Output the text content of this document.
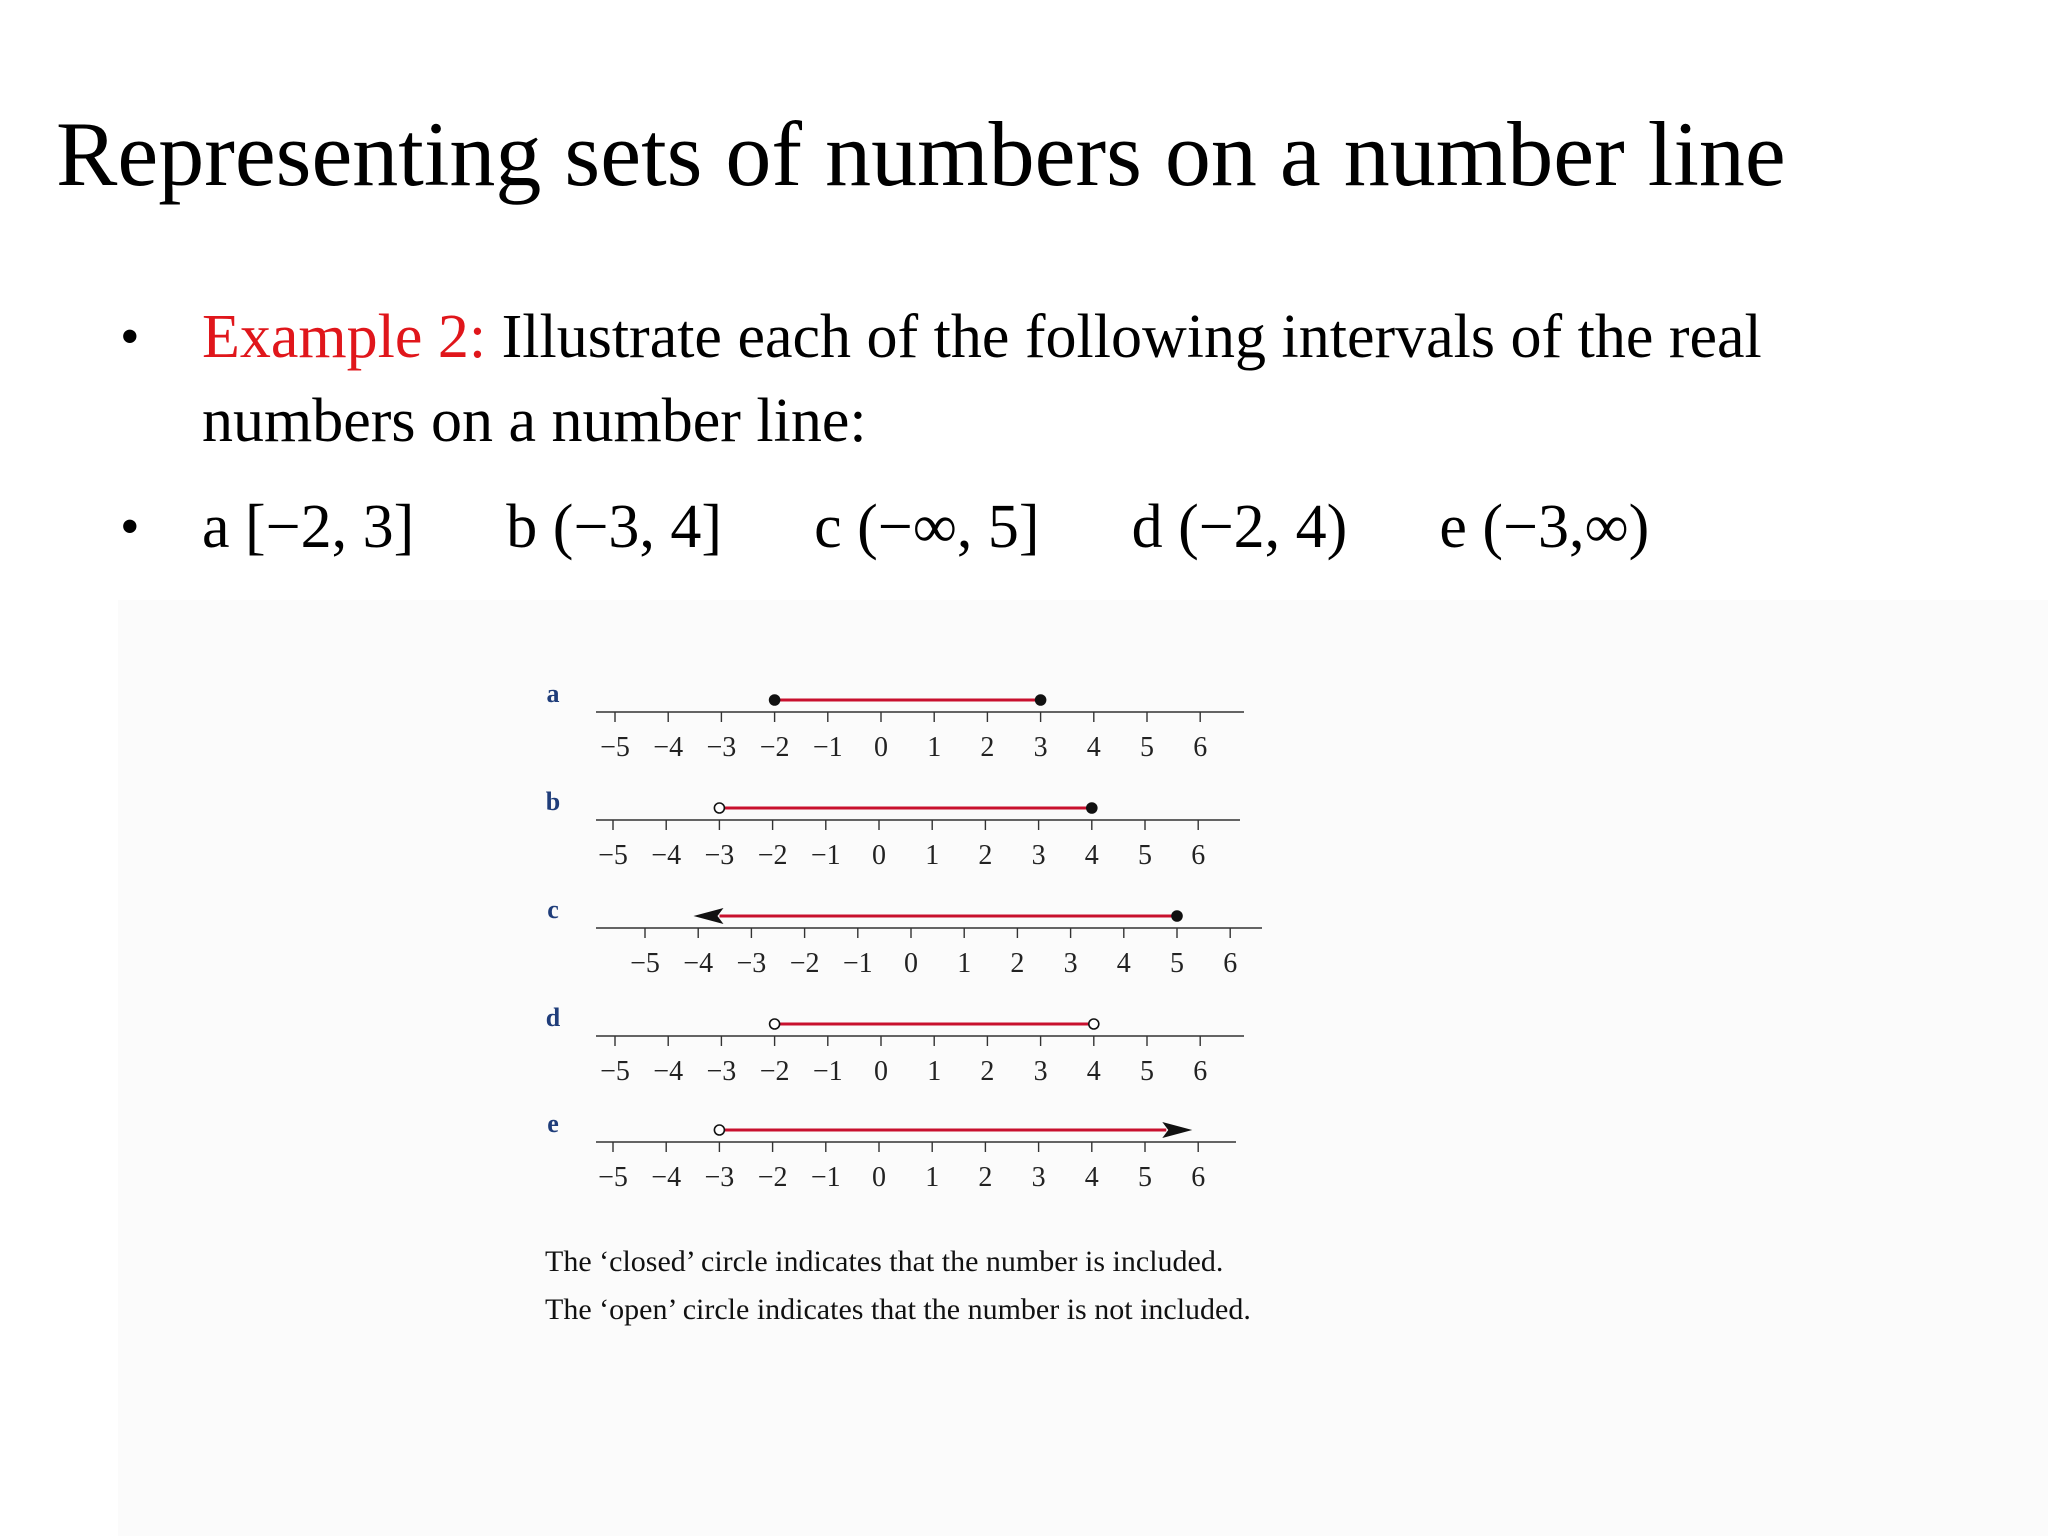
Representing sets of numbers on a number line
•	Example 2: Illustrate each of the following intervals of the real
numbers on a number line:
•	a [−2, 3] b (−3, 4] c (−∞, 5] d (−2, 4) e (−3,∞)
a
−5 −4 −3 −2 −1 0 1 2 3 4 5 6
b
−5 −4 −3 −2 −1 0 1 2 3 4 5 6
c
−5 −4 −3 −2 −1 0 1 2 3 4 5 6
d
−5 −4 −3 −2 −1 0 1 2 3 4 5 6
e
−5 −4 −3 −2 −1 0 1 2 3 4 5 6
The ‘closed’ circle indicates that the number is included.
The ‘open’ circle indicates that the number is not included.
